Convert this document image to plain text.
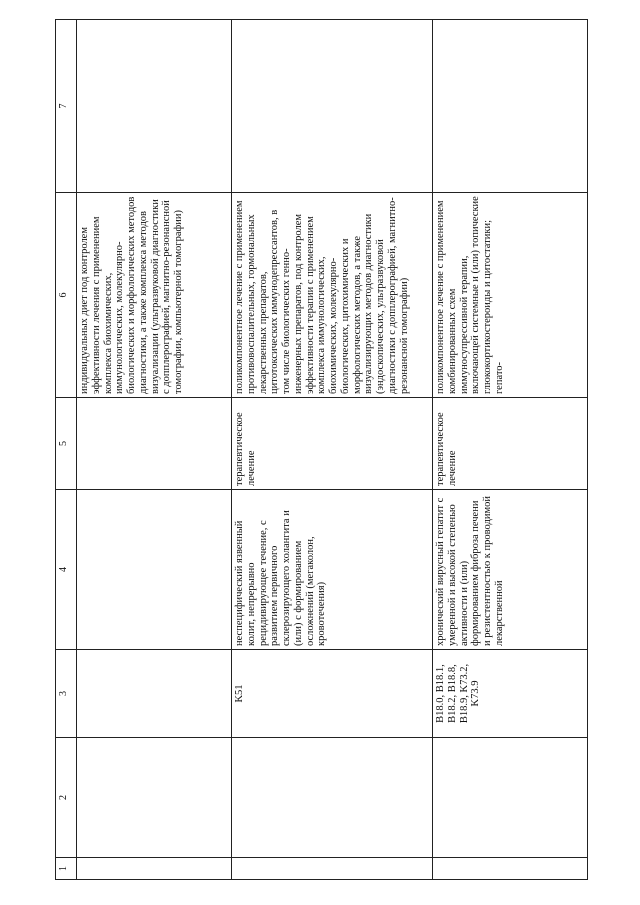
1	2	3	4	5	6	7
					индивидуальных диет под контролем эффективности лечения с применением комплекса биохимических, иммунологических, молекулярно-биологических и морфологических методов диагностики, а также комплекса методов визуализации (ультразвуковой диагностики с допплерографией, магнитно-резонансной томографии, компьютерной томографии)	
		K51	неспецифический язвенный колит, непрерывно рецидивирующее течение, с развитием первичного склерозирующего холангита и (или) с формированием осложнений (мегаколон, кровотечения)	терапевтическое лечение	поликомпонентное лечение с применением противовоспалительных, гормональных лекарственных препаратов, цитотоксических иммунодепрессантов, в том числе биологических генно-инженерных препаратов, под контролем эффективности терапии с применением комплекса иммунологических, биохимических, молекулярно-биологических, цитохимических и морфологических методов, а также визуализирующих методов диагностики (эндоскопических, ультразвуковой диагностики с допплерографией, магнитно-резонансной томографии)	
		B18.0, B18.1, B18.2, B18.8, B18.9, K73.2, K73.9	хронический вирусный гепатит с умеренной и высокой степенью активности и (или) формированием фиброза печени и резистентностью к проводимой лекарственной	терапевтическое лечение	поликомпонентное лечение с применением комбинированных схем иммуносупрессивной терапии, включающей системные и (или) топические глюкокортикостероиды и цитостатики; гепато-	
